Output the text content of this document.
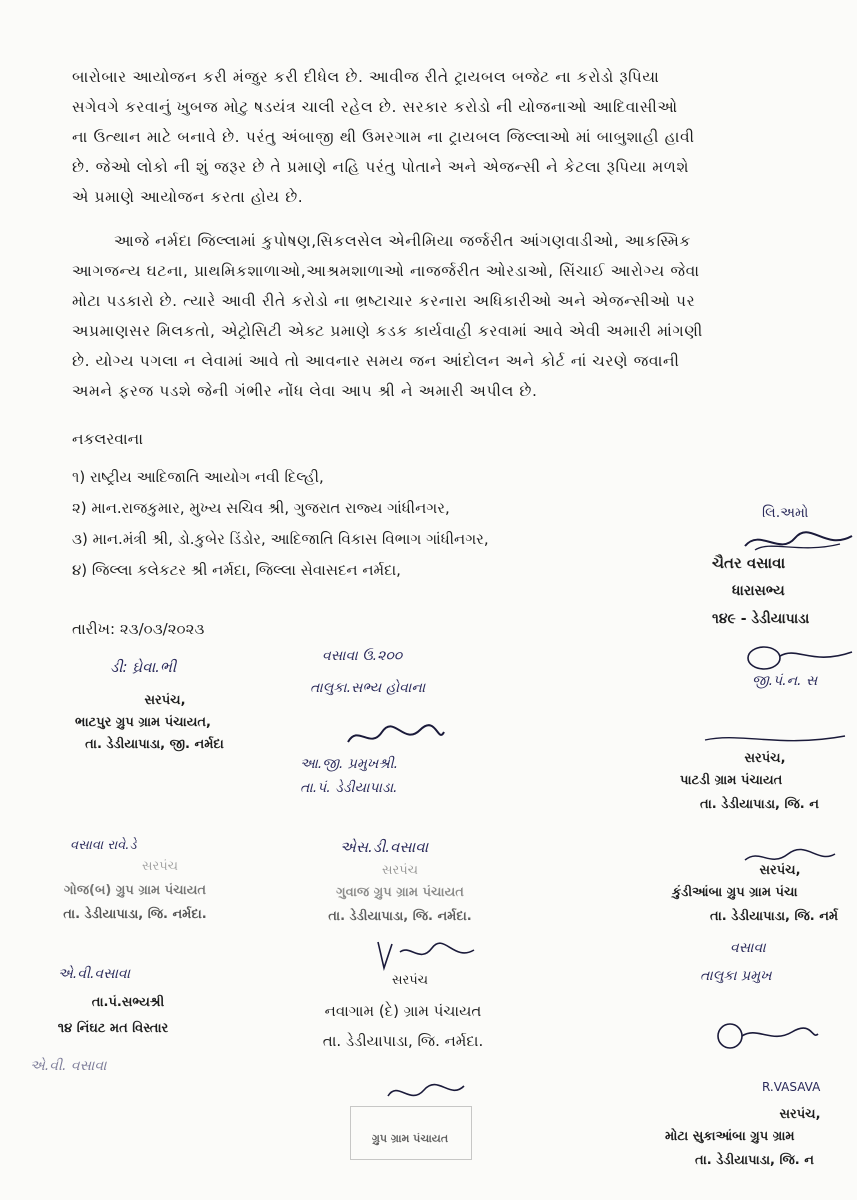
બારોબાર આયોજન કરી મંજુર કરી દીધેલ છે. આવીજ રીતે ટ્રાયબલ બજેટ ના કરોડો રૂપિયા
સગેવગે કરવાનું ખુબજ મોટુ ષડયંત્ર ચાલી રહેલ છે. સરકાર કરોડો ની યોજનાઓ આદિવાસીઓ
ના ઉત્થાન માટે બનાવે છે. પરંતુ અંબાજી થી ઉમરગામ ના ટ્રાયબલ જિલ્લાઓ માં બાબુશાહી હાવી
છે. જેઓ લોકો ની શું જરૂર છે તે પ્રમાણે નહિ પરંતુ પોતાને અને એજન્સી ને કેટલા રૂપિયા મળશે
એ પ્રમાણે આયોજન કરતા હોય છે.
આજે નર્મદા જિલ્લામાં કુપોષણ,સિકલસેલ એનીમિયા જર્જરીત આંગણવાડીઓ, આકસ્મિક
આગજન્ય ઘટના, પ્રાથમિકશાળાઓ,આશ્રમશાળાઓ નાજર્જરીત ઓરડાઓ, સિંચાઈ આરોગ્ય જેવા
મોટા પડકારો છે. ત્યારે આવી રીતે કરોડો ના ભ્રષ્ટાચાર કરનારા અધિકારીઓ અને એજન્સીઓ પર
અપ્રમાણસર મિલકતો, એટ્રોસિટી એક્ટ પ્રમાણે કડક કાર્યવાહી કરવામાં આવે એવી અમારી માંગણી
છે. યોગ્ય પગલા ન લેવામાં આવે તો આવનાર સમય જન આંદોલન અને કોર્ટ નાં ચરણે જવાની
અમને ફરજ પડશે જેની ગંભીર નોંધ લેવા આપ શ્રી ને અમારી અપીલ છે.
નકલરવાના
૧) રાષ્ટ્રીય આદિજાતિ આયોગ નવી દિલ્હી,
૨) માન.રાજકુમાર, મુખ્ય સચિવ શ્રી, ગુજરાત રાજ્ય ગાંધીનગર,
૩) માન.મંત્રી શ્રી, ડો.કુબેર ડિંડોર, આદિજાતિ વિકાસ વિભાગ ગાંધીનગર,
૪) જિલ્લા કલેકટર શ્રી નર્મદા, જિલ્લા સેવાસદન નર્મદા,
તારીખ: ૨૩/૦૩/૨૦૨૩
લિ.અમો
ચૈતર વસાવા
ધારાસભ્ય
૧૪૯ - ડેડીયાપાડા
જી.પં.ન. સ
વસાવા ઉ.૨૦૦
તાલુકા.સભ્ય હોવાના
ડી: ઘ્રેવા.ભી
સરપંચ,
ભાટપુર ગ્રુપ ગ્રામ પંચાયત,
તા. ડેડીયાપાડા, જી. નર્મદા
આ.જી. પ્રમુખશ્રી.
તા.પં. ડેડીયાપાડા.
સરપંચ,
પાટડી ગ્રામ પંચાયત
તા. ડેડીયાપાડા, જિ. ન
વસાવા રાવે.ડે
સરપંચ
ગોજ(બ) ગ્રુપ ગ્રામ પંચાયત
તા. ડેડીયાપાડા, જિ. નર્મદા.
એસ.ડી.વસાવા
સરપંચ
ગુવાજ ગ્રુપ ગ્રામ પંચાયત
તા. ડેડીયાપાડા, જિ. નર્મદા.
સરપંચ,
કુંડીઆંબા ગ્રુપ ગ્રામ પંચા
તા. ડેડીયાપાડા, જિ. નર્મ
વસાવા
તાલુકા પ્રમુખ
એ.વી.વસાવા
તા.પં.સભ્યશ્રી
૧૪ નિંઘટ મત વિસ્તાર
એ.વી. વસાવા
સરપંચ
નવાગામ (દે) ગ્રામ પંચાયત
તા. ડેડીયાપાડા, જિ. નર્મદા.
R.VASAVA
સરપંચ,
મોટા સુકાઆંબા ગ્રુપ ગ્રામ
તા. ડેડીયાપાડા, જિ. ન
ગ્રુપ ગ્રામ પંચાયત
